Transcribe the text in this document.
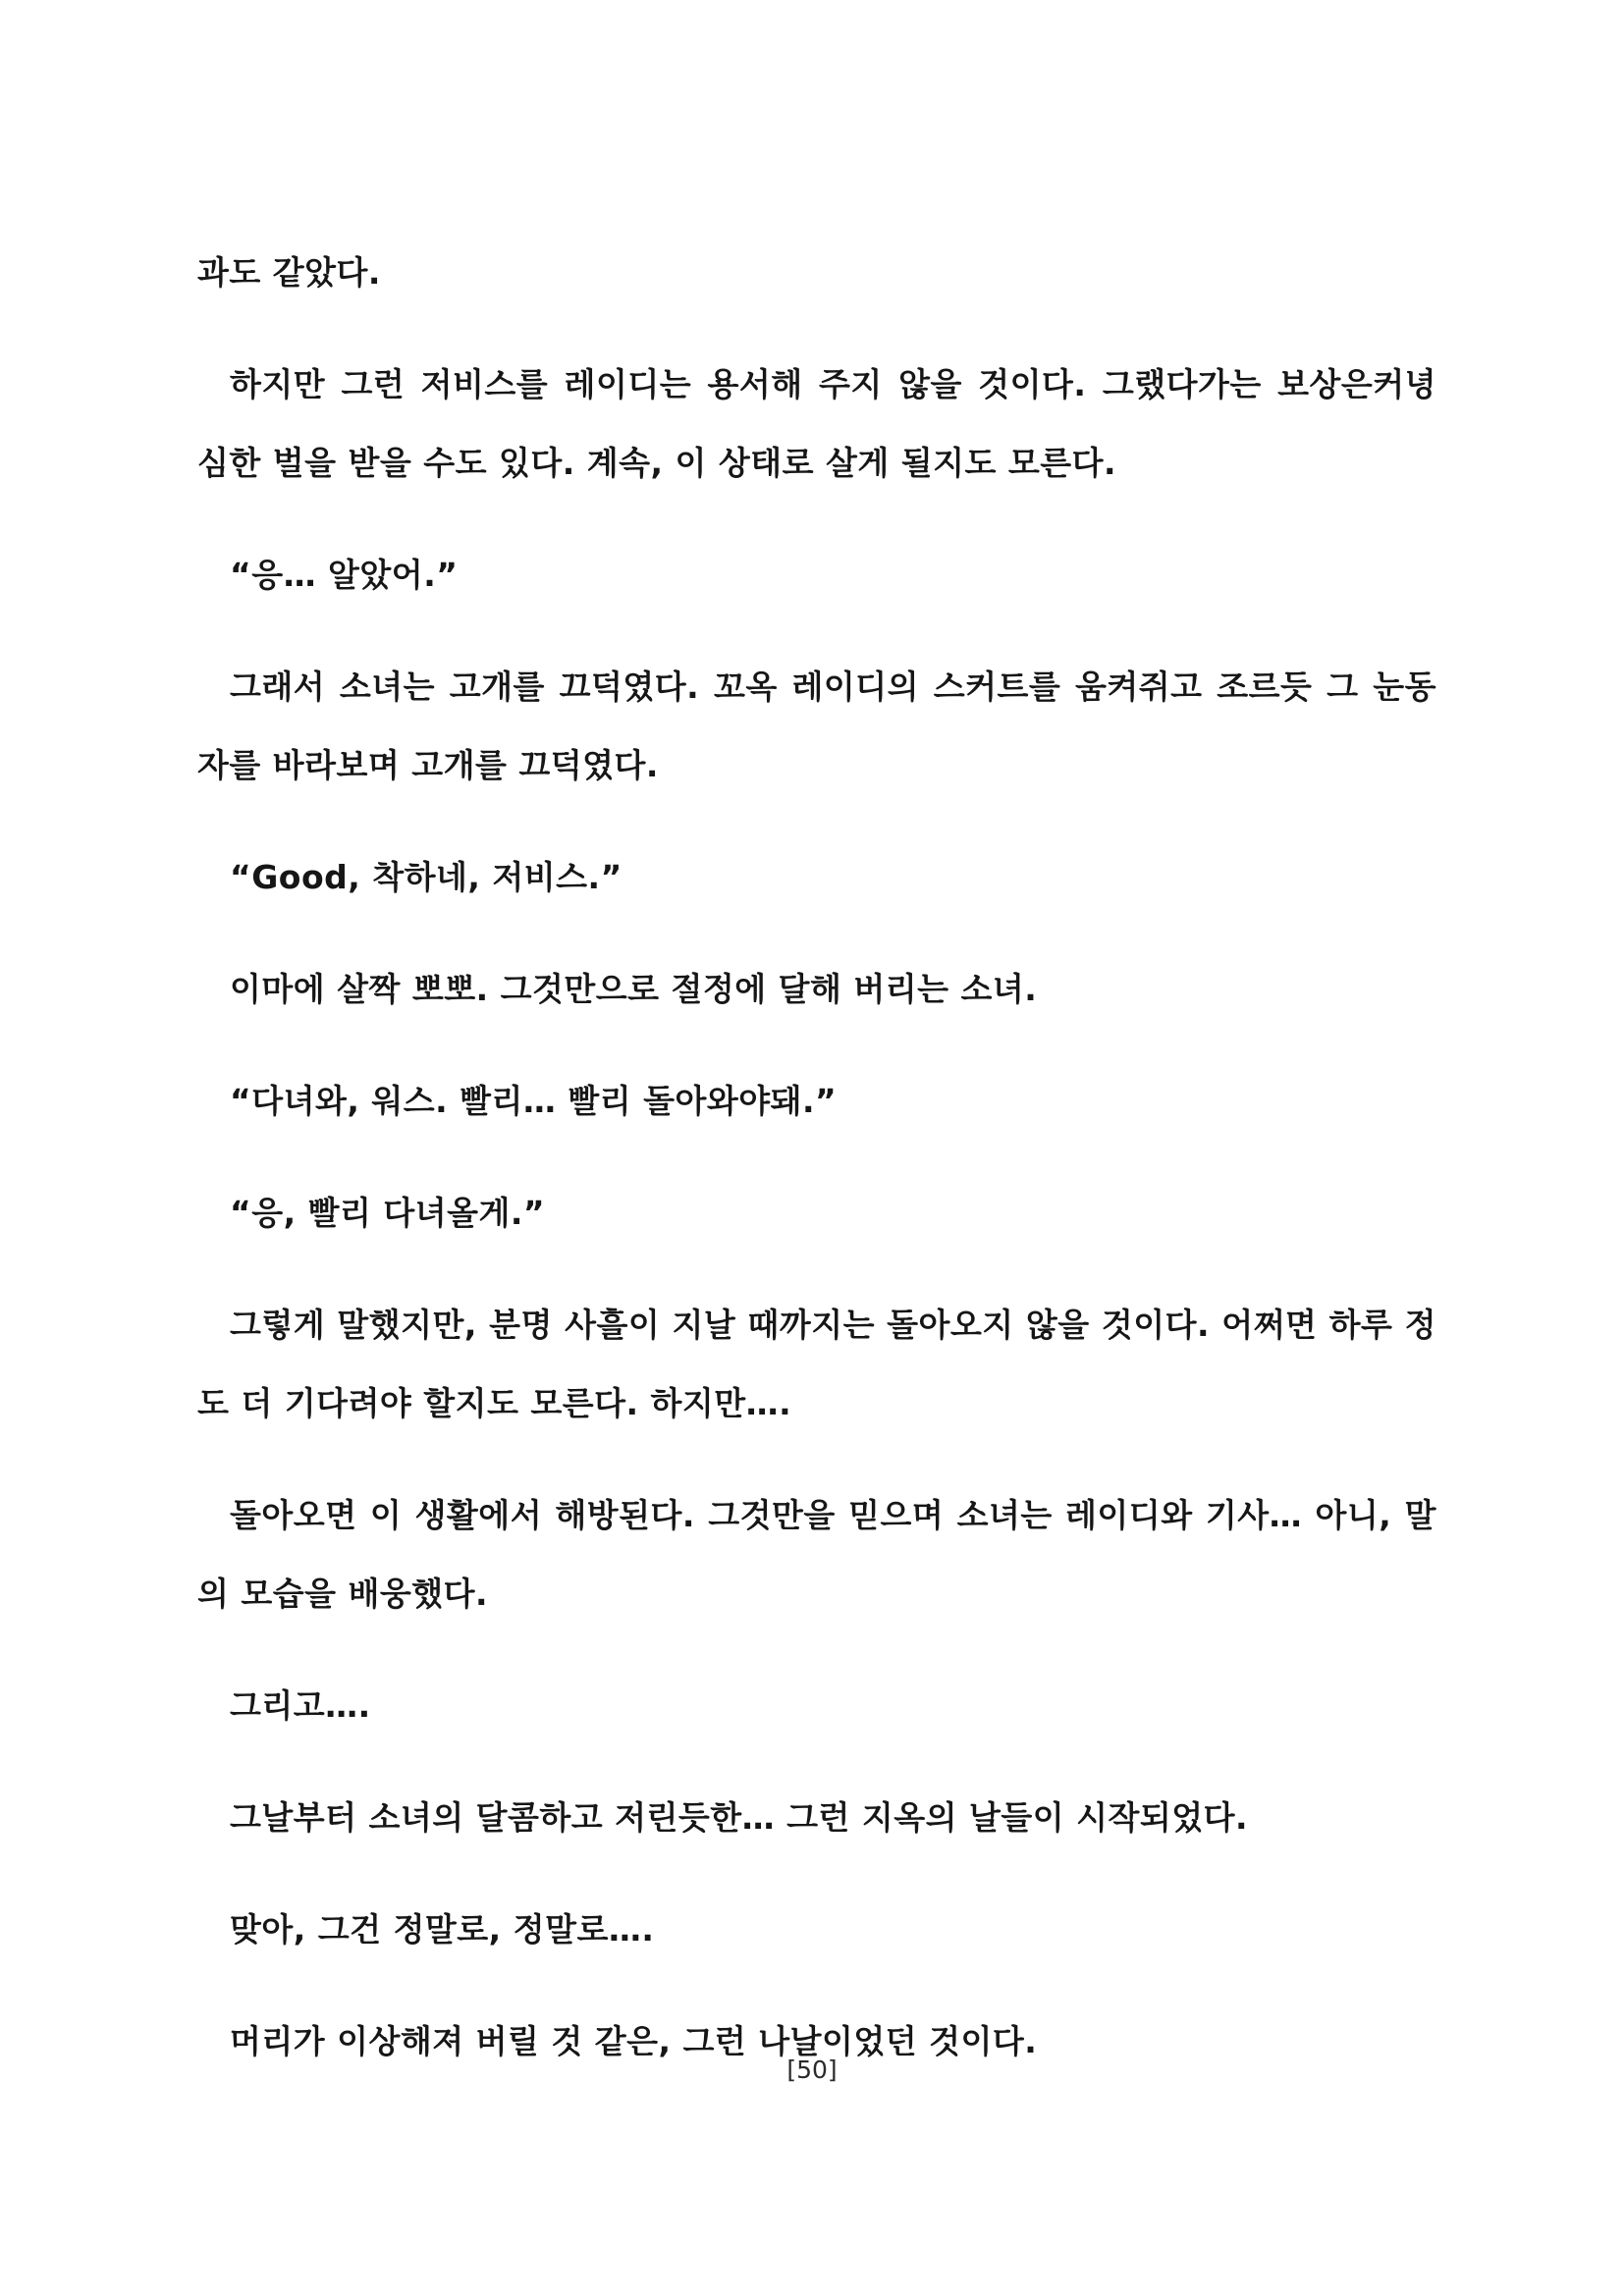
과도 같았다.

하지만 그런 저비스를 레이디는 용서해 주지 않을 것이다. 그랬다가는 보상은커녕 심한 벌을 받을 수도 있다. 계속, 이 상태로 살게 될지도 모른다.

“응… 알았어.”

그래서 소녀는 고개를 끄덕였다. 꼬옥 레이디의 스커트를 움켜쥐고 조르듯 그 눈동자를 바라보며 고개를 끄덕였다.

“Good, 착하네, 저비스.”

이마에 살짝 뽀뽀. 그것만으로 절정에 달해 버리는 소녀.

“다녀와, 워스. 빨리… 빨리 돌아와야돼.”

“응, 빨리 다녀올게.”

그렇게 말했지만, 분명 사흘이 지날 때까지는 돌아오지 않을 것이다. 어쩌면 하루 정도 더 기다려야 할지도 모른다. 하지만….

돌아오면 이 생활에서 해방된다. 그것만을 믿으며 소녀는 레이디와 기사… 아니, 말의 모습을 배웅했다.

그리고….

그날부터 소녀의 달콤하고 저린듯한… 그런 지옥의 날들이 시작되었다.

맞아, 그건 정말로, 정말로….

머리가 이상해져 버릴 것 같은, 그런 나날이었던 것이다.

[50]
